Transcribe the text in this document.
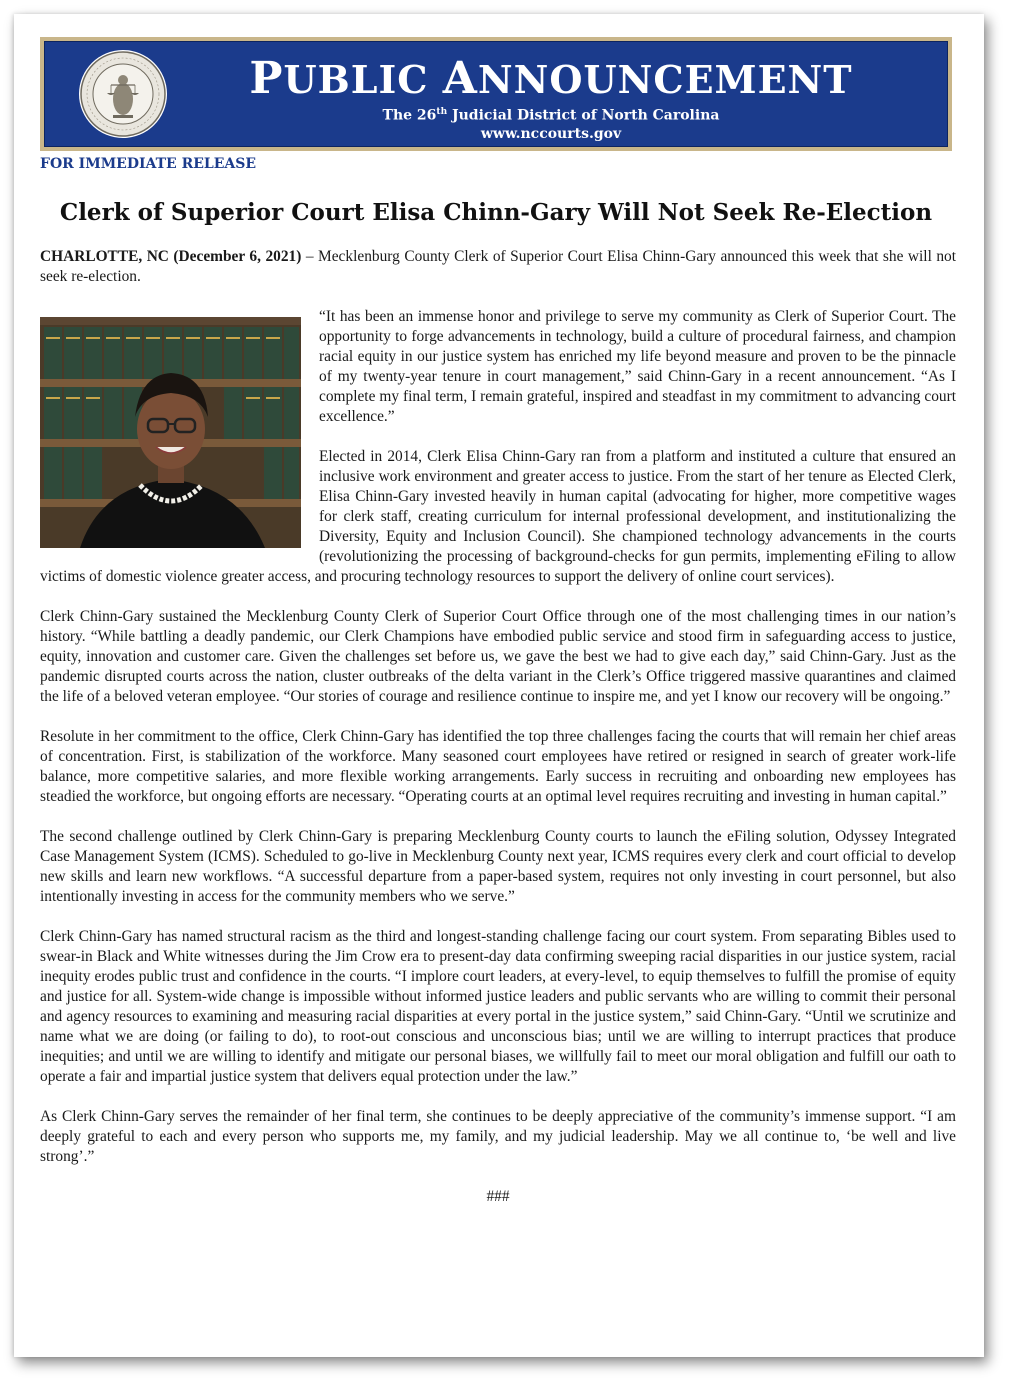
PUBLIC ANNOUNCEMENT
The 26th Judicial District of North Carolina
www.nccourts.gov
FOR IMMEDIATE RELEASE
Clerk of Superior Court Elisa Chinn-Gary Will Not Seek Re-Election

CHARLOTTE, NC (December 6, 2021) – Mecklenburg County Clerk of Superior Court Elisa Chinn-Gary announced this week that she will not seek re-election.

“It has been an immense honor and privilege to serve my community as Clerk of Superior Court. The opportunity to forge advancements in technology, build a culture of procedural fairness, and champion racial equity in our justice system has enriched my life beyond measure and proven to be the pinnacle of my twenty-year tenure in court management,” said Chinn-Gary in a recent announcement. “As I complete my final term, I remain grateful, inspired and steadfast in my commitment to advancing court excellence.”

Elected in 2014, Clerk Elisa Chinn-Gary ran from a platform and instituted a culture that ensured an inclusive work environment and greater access to justice. From the start of her tenure as Elected Clerk, Elisa Chinn-Gary invested heavily in human capital (advocating for higher, more competitive wages for clerk staff, creating curriculum for internal professional development, and institutionalizing the Diversity, Equity and Inclusion Council). She championed technology advancements in the courts (revolutionizing the processing of background-checks for gun permits, implementing eFiling to allow victims of domestic violence greater access, and procuring technology resources to support the delivery of online court services).

Clerk Chinn-Gary sustained the Mecklenburg County Clerk of Superior Court Office through one of the most challenging times in our nation’s history. “While battling a deadly pandemic, our Clerk Champions have embodied public service and stood firm in safeguarding access to justice, equity, innovation and customer care. Given the challenges set before us, we gave the best we had to give each day,” said Chinn-Gary. Just as the pandemic disrupted courts across the nation, cluster outbreaks of the delta variant in the Clerk’s Office triggered massive quarantines and claimed the life of a beloved veteran employee. “Our stories of courage and resilience continue to inspire me, and yet I know our recovery will be ongoing.”

Resolute in her commitment to the office, Clerk Chinn-Gary has identified the top three challenges facing the courts that will remain her chief areas of concentration. First, is stabilization of the workforce. Many seasoned court employees have retired or resigned in search of greater work-life balance, more competitive salaries, and more flexible working arrangements. Early success in recruiting and onboarding new employees has steadied the workforce, but ongoing efforts are necessary. “Operating courts at an optimal level requires recruiting and investing in human capital.”

The second challenge outlined by Clerk Chinn-Gary is preparing Mecklenburg County courts to launch the eFiling solution, Odyssey Integrated Case Management System (ICMS). Scheduled to go-live in Mecklenburg County next year, ICMS requires every clerk and court official to develop new skills and learn new workflows. “A successful departure from a paper-based system, requires not only investing in court personnel, but also intentionally investing in access for the community members who we serve.”

Clerk Chinn-Gary has named structural racism as the third and longest-standing challenge facing our court system. From separating Bibles used to swear-in Black and White witnesses during the Jim Crow era to present-day data confirming sweeping racial disparities in our justice system, racial inequity erodes public trust and confidence in the courts. “I implore court leaders, at every-level, to equip themselves to fulfill the promise of equity and justice for all. System-wide change is impossible without informed justice leaders and public servants who are willing to commit their personal and agency resources to examining and measuring racial disparities at every portal in the justice system,” said Chinn-Gary. “Until we scrutinize and name what we are doing (or failing to do), to root-out conscious and unconscious bias; until we are willing to interrupt practices that produce inequities; and until we are willing to identify and mitigate our personal biases, we willfully fail to meet our moral obligation and fulfill our oath to operate a fair and impartial justice system that delivers equal protection under the law.”

As Clerk Chinn-Gary serves the remainder of her final term, she continues to be deeply appreciative of the community’s immense support. “I am deeply grateful to each and every person who supports me, my family, and my judicial leadership. May we all continue to, ‘be well and live strong’.”

###
